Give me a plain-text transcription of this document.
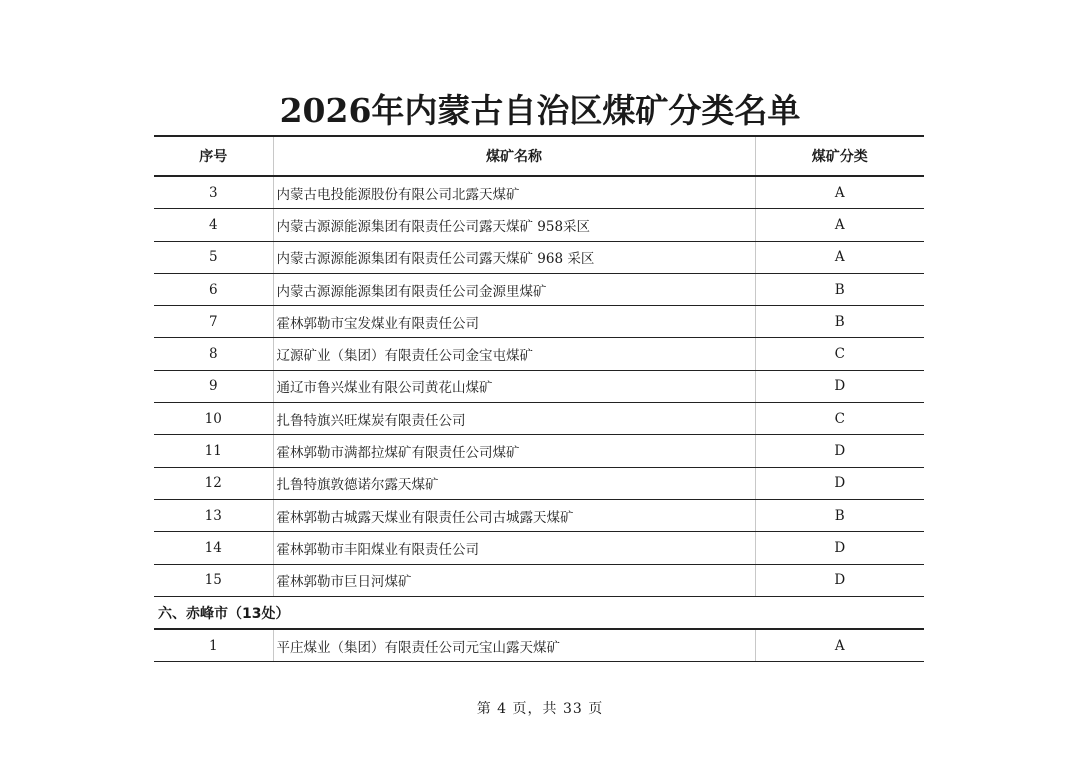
2026年内蒙古自治区煤矿分类名单
序号	煤矿名称	煤矿分类
3	内蒙古电投能源股份有限公司北露天煤矿	A
4	内蒙古源源能源集团有限责任公司露天煤矿 958采区	A
5	内蒙古源源能源集团有限责任公司露天煤矿 968 采区	A
6	内蒙古源源能源集团有限责任公司金源里煤矿	B
7	霍林郭勒市宝发煤业有限责任公司	B
8	辽源矿业（集团）有限责任公司金宝屯煤矿	C
9	通辽市鲁兴煤业有限公司黄花山煤矿	D
10	扎鲁特旗兴旺煤炭有限责任公司	C
11	霍林郭勒市满都拉煤矿有限责任公司煤矿	D
12	扎鲁特旗敦德诺尔露天煤矿	D
13	霍林郭勒古城露天煤业有限责任公司古城露天煤矿	B
14	霍林郭勒市丰阳煤业有限责任公司	D
15	霍林郭勒市巨日河煤矿	D
六、赤峰市（13处）		
1	平庄煤业（集团）有限责任公司元宝山露天煤矿	A
第 4 页，共 33 页
